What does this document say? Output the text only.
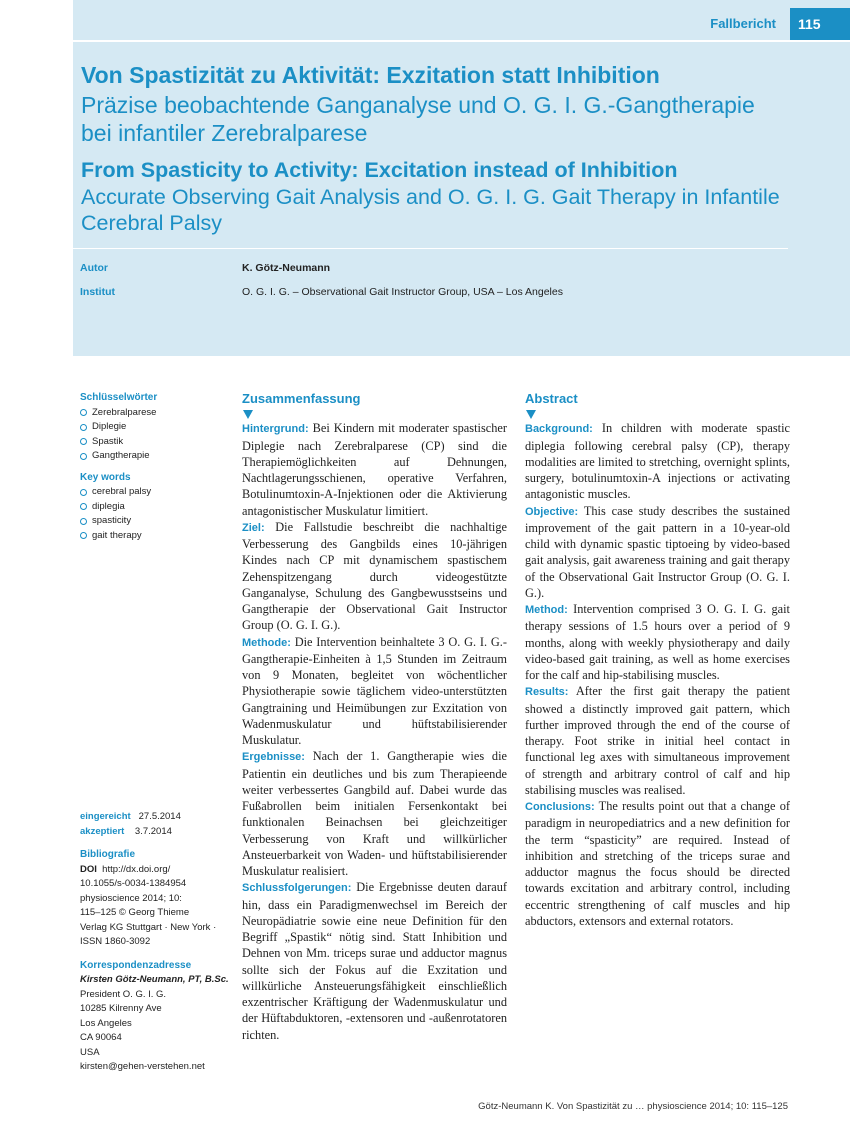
Fallbericht	115
Von Spastizität zu Aktivität: Exzitation statt Inhibition
Präzise beobachtende Ganganalyse und O. G. I. G.-Gangtherapie bei infantiler Zerebralparese
From Spasticity to Activity: Excitation instead of Inhibition
Accurate Observing Gait Analysis and O. G. I. G. Gait Therapy in Infantile Cerebral Palsy
Autor	K. Götz-Neumann
Institut	O. G. I. G. – Observational Gait Instructor Group, USA – Los Angeles
Schlüsselwörter
Zerebralparese
Diplegie
Spastik
Gangtherapie
Key words
cerebral palsy
diplegia
spasticity
gait therapy
eingereicht 27.5.2014
akzeptiert 3.7.2014
Bibliografie
DOI http://dx.doi.org/
10.1055/s-0034-1384954
physioscience 2014; 10:
115–125 © Georg Thieme
Verlag KG Stuttgart · New York ·
ISSN 1860-3092
Korrespondenzadresse
Kirsten Götz-Neumann, PT, B.Sc.
President O. G. I. G.
10285 Kilrenny Ave
Los Angeles
CA 90064
USA
kirsten@gehen-verstehen.net
Zusammenfassung

Hintergrund: Bei Kindern mit moderater spastischer Diplegie nach Zerebralparese (CP) sind die Therapiemöglichkeiten auf Dehnungen, Nachtlagerungsschienen, operative Verfahren, Botulinumtoxin-A-Injektionen oder die Aktivierung antagonistischer Muskulatur limitiert.

Ziel: Die Fallstudie beschreibt die nachhaltige Verbesserung des Gangbilds eines 10-jährigen Kindes nach CP mit dynamischem spastischem Zehenspitzengang durch videogestützte Ganganalyse, Schulung des Gangbewusstseins und Gangtherapie der Observational Gait Instructor Group (O. G. I. G.).

Methode: Die Intervention beinhaltete 3 O. G. I. G.-Gangtherapie-Einheiten à 1,5 Stunden im Zeitraum von 9 Monaten, begleitet von wöchentlicher Physiotherapie sowie täglichem video-unterstützten Gangtraining und Heimübungen zur Exzitation von Wadenmuskulatur und hüftstabilisierender Muskulatur.

Ergebnisse: Nach der 1. Gangtherapie wies die Patientin ein deutliches und bis zum Therapieende weiter verbessertes Gangbild auf. Dabei wurde das Fußabrollen beim initialen Fersenkontakt bei funktionalen Beinachsen bei gleichzeitiger Verbesserung von Kraft und willkürlicher Ansteuerbarkeit von Waden- und hüftstabilisierender Muskulatur realisiert.

Schlussfolgerungen: Die Ergebnisse deuten darauf hin, dass ein Paradigmenwechsel im Bereich der Neuropädiatrie sowie eine neue Definition für den Begriff „Spastik“ nötig sind. Statt Inhibition und Dehnen von Mm. triceps surae und adductor magnus sollte sich der Fokus auf die Exzitation und willkürliche Ansteuerungsfähigkeit einschließlich exzentrischer Kräftigung der Wadenmuskulatur und der Hüftabduktoren, -extensoren und -außenrotatoren richten.

Abstract

Background: In children with moderate spastic diplegia following cerebral palsy (CP), therapy modalities are limited to stretching, overnight splints, surgery, botulinumtoxin-A injections or activating antagonistic muscles.

Objective: This case study describes the sustained improvement of the gait pattern in a 10-year-old child with dynamic spastic tiptoeing by video-based gait analysis, gait awareness training and gait therapy of the Observational Gait Instructor Group (O. G. I. G.).

Method: Intervention comprised 3 O. G. I. G. gait therapy sessions of 1.5 hours over a period of 9 months, along with weekly physiotherapy and daily video-based gait training, as well as home exercises for the calf and hip-stabilising muscles.

Results: After the first gait therapy the patient showed a distinctly improved gait pattern, which further improved through the end of the course of therapy. Foot strike in initial heel contact in functional leg axes with simultaneous improvement of strength and arbitrary control of calf and hip stabilising muscles was realised.

Conclusions: The results point out that a change of paradigm in neuropediatrics and a new definition for the term “spasticity” are required. Instead of inhibition and stretching of the triceps surae and adductor magnus the focus should be directed towards excitation and arbitrary control, including eccentric strengthening of calf muscles and hip abductors, extensors and external rotators.

Götz-Neumann K. Von Spastizität zu … physioscience 2014; 10: 115–125
